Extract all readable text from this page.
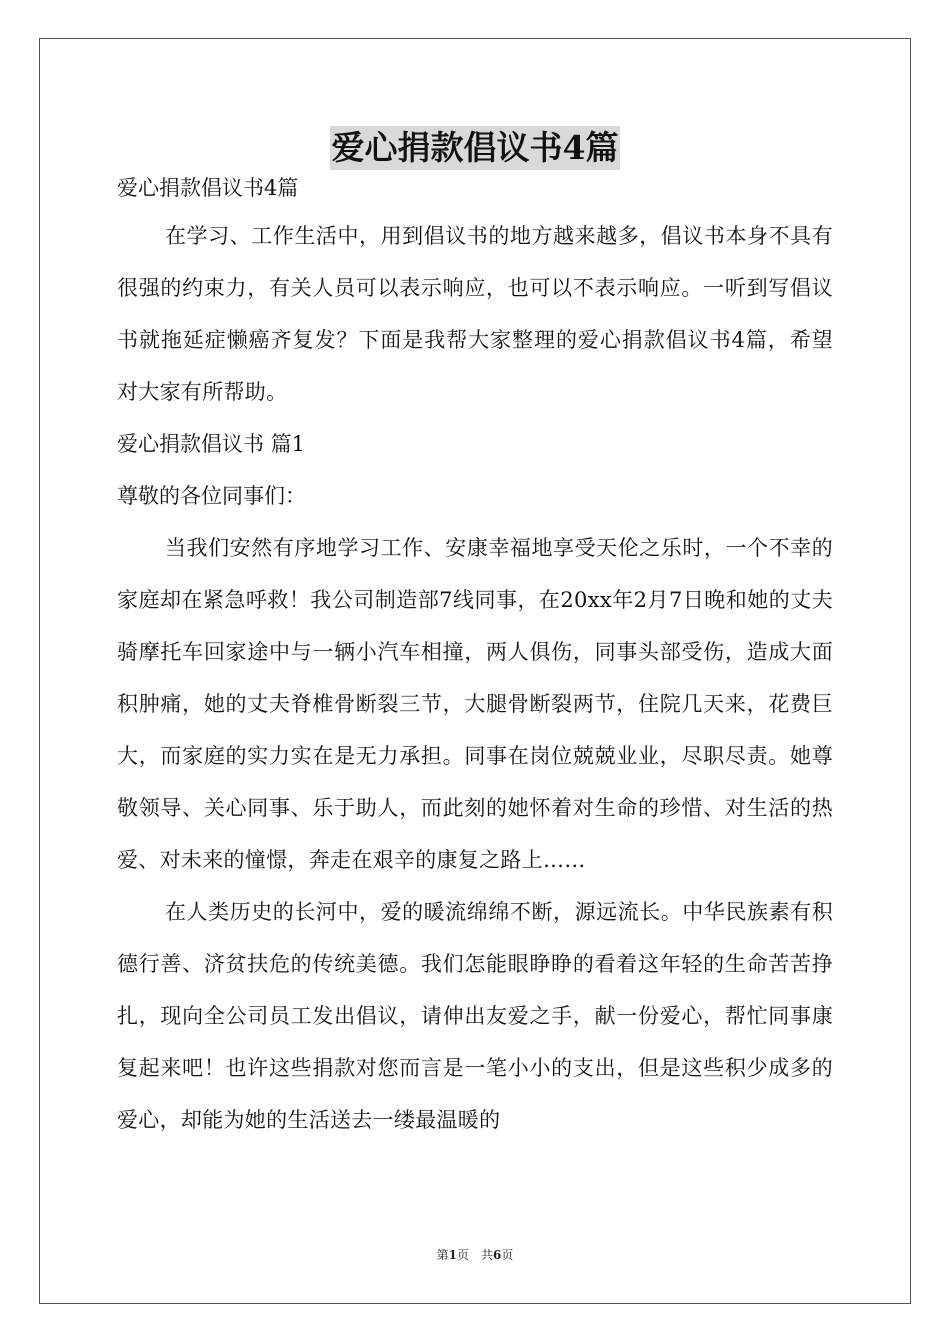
爱心捐款倡议书4篇

爱心捐款倡议书4篇

在学习、工作生活中，用到倡议书的地方越来越多，倡议书本身不具有很强的约束力，有关人员可以表示响应，也可以不表示响应。一听到写倡议书就拖延症懒癌齐复发？下面是我帮大家整理的爱心捐款倡议书4篇，希望对大家有所帮助。

爱心捐款倡议书 篇1

尊敬的各位同事们：

当我们安然有序地学习工作、安康幸福地享受天伦之乐时，一个不幸的家庭却在紧急呼救！我公司制造部7线同事，在20xx年2月7日晚和她的丈夫骑摩托车回家途中与一辆小汽车相撞，两人俱伤，同事头部受伤，造成大面积肿痛，她的丈夫脊椎骨断裂三节，大腿骨断裂两节，住院几天来，花费巨大，而家庭的实力实在是无力承担。同事在岗位兢兢业业，尽职尽责。她尊敬领导、关心同事、乐于助人，而此刻的她怀着对生命的珍惜、对生活的热爱、对未来的憧憬，奔走在艰辛的康复之路上……

在人类历史的长河中，爱的暖流绵绵不断，源远流长。中华民族素有积德行善、济贫扶危的传统美德。我们怎能眼睁睁的看着这年轻的生命苦苦挣扎，现向全公司员工发出倡议，请伸出友爱之手，献一份爱心，帮忙同事康复起来吧！也许这些捐款对您而言是一笔小小的支出，但是这些积少成多的爱心，却能为她的生活送去一缕最温暖的

第1页　共6页
